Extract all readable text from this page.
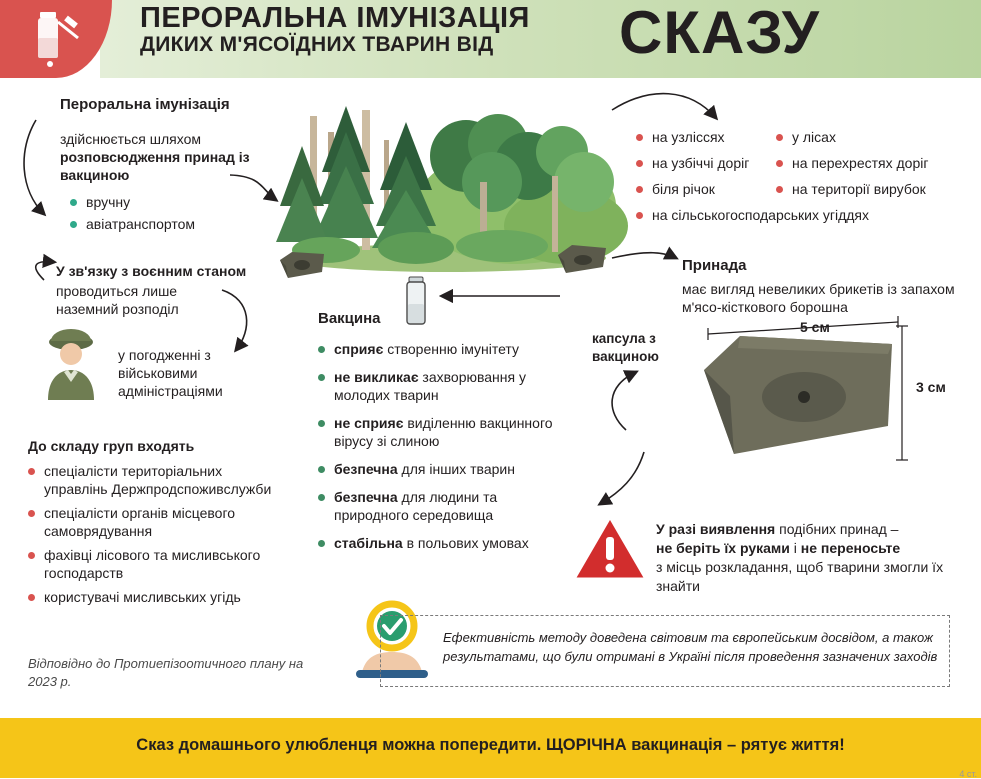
ПЕРОРАЛЬНА ІМУНІЗАЦІЯ
ДИКИХ М'ЯСОЇДНИХ ТВАРИН ВІД СКАЗУ
Пероральна імунізація
здійснюється шляхом розповсюдження принад із вакциною
вручну
авіатранспортом
У зв'язку з воєнним станом
проводиться лише наземний розподіл
у погодженні з військовими адміністраціями
До складу груп входять
спеціалісти територіальних управлінь Держпродспоживслужби
спеціалісти органів місцевого самоврядування
фахівці лісового та мисливського господарств
користувачі мисливських угідь
Відповідно до Протиепізоотичного плану на 2023 р.
на узліссях
на узбіччі доріг
біля річок
на сільськогосподарських угіддях
у лісах
на перехрестях доріг
на території вирубок
Вакцина
сприяє створенню імунітету
не викликає захворювання у молодих тварин
не сприяє виділенню вакцинного вірусу зі слиною
безпечна для інших тварин
безпечна для людини та природного середовища
стабільна в польових умовах
Принада
має вигляд невеликих брикетів із запахом м'ясо-кісткового борошна
капсула з вакциною
5 см
3 см
У разі виявлення подібних принад –
не беріть їх руками і не переносьте
з місць розкладання, щоб тварини змогли їх знайти
Ефективність методу доведена світовим та європейським досвідом, а також результатами, що були отримані в Україні після проведення зазначених заходів
Сказ домашнього улюбленця можна попередити. ЩОРІЧНА вакцинація – рятує життя!
4 ст.
